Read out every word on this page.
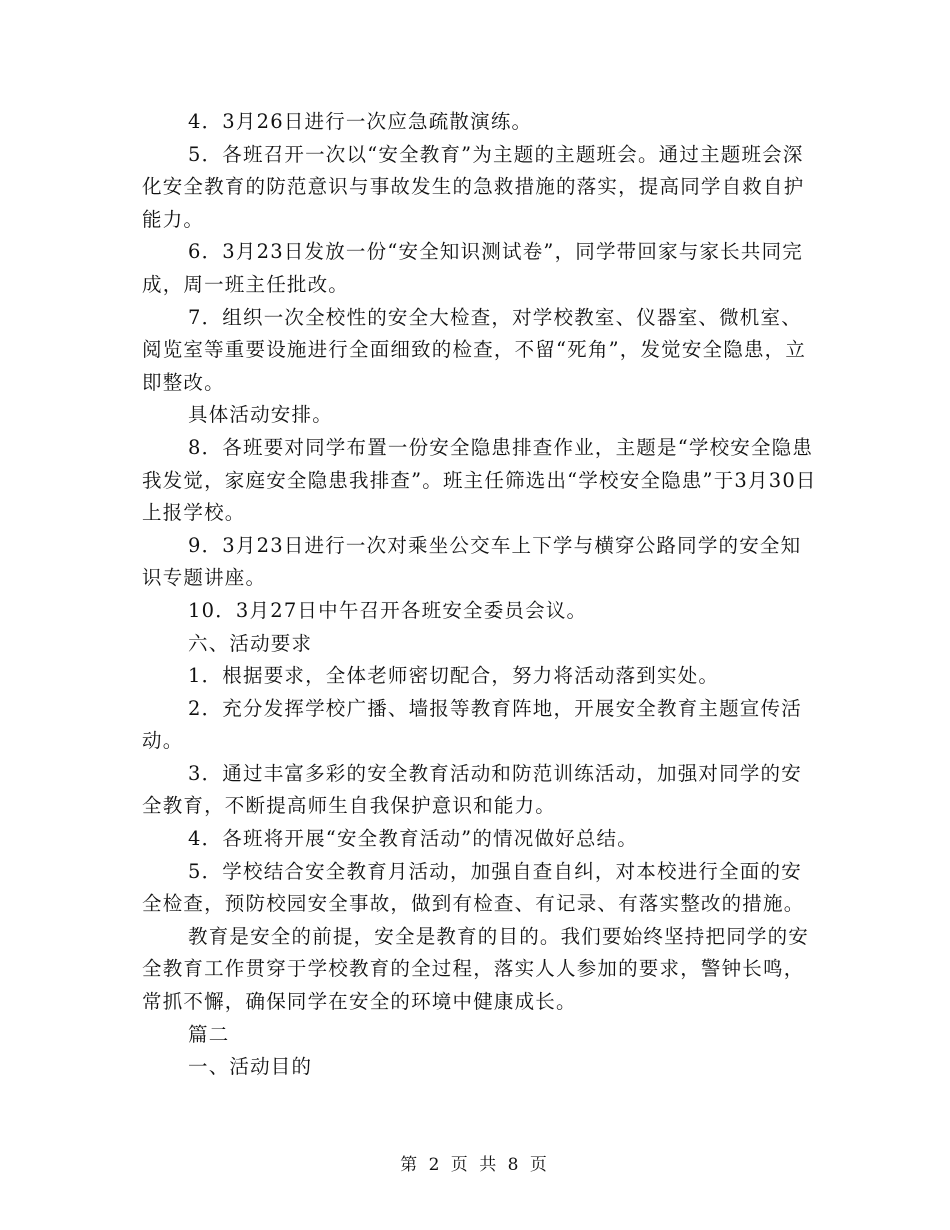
4．3月26日进行一次应急疏散演练。

5．各班召开一次以“安全教育”为主题的主题班会。通过主题班会深化安全教育的防范意识与事故发生的急救措施的落实，提高同学自救自护能力。

6．3月23日发放一份“安全知识测试卷”，同学带回家与家长共同完成，周一班主任批改。

7．组织一次全校性的安全大检查，对学校教室、仪器室、微机室、阅览室等重要设施进行全面细致的检查，不留“死角”，发觉安全隐患，立即整改。

具体活动安排。

8．各班要对同学布置一份安全隐患排查作业，主题是“学校安全隐患我发觉，家庭安全隐患我排查”。班主任筛选出“学校安全隐患”于3月30日上报学校。

9．3月23日进行一次对乘坐公交车上下学与横穿公路同学的安全知识专题讲座。

10．3月27日中午召开各班安全委员会议。

六、活动要求

1．根据要求，全体老师密切配合，努力将活动落到实处。

2．充分发挥学校广播、墙报等教育阵地，开展安全教育主题宣传活动。

3．通过丰富多彩的安全教育活动和防范训练活动，加强对同学的安全教育，不断提高师生自我保护意识和能力。

4．各班将开展“安全教育活动”的情况做好总结。

5．学校结合安全教育月活动，加强自查自纠，对本校进行全面的安全检查，预防校园安全事故，做到有检查、有记录、有落实整改的措施。

教育是安全的前提，安全是教育的目的。我们要始终坚持把同学的安全教育工作贯穿于学校教育的全过程，落实人人参加的要求，警钟长鸣，常抓不懈，确保同学在安全的环境中健康成长。

篇二

一、活动目的

第 2 页 共 8 页
